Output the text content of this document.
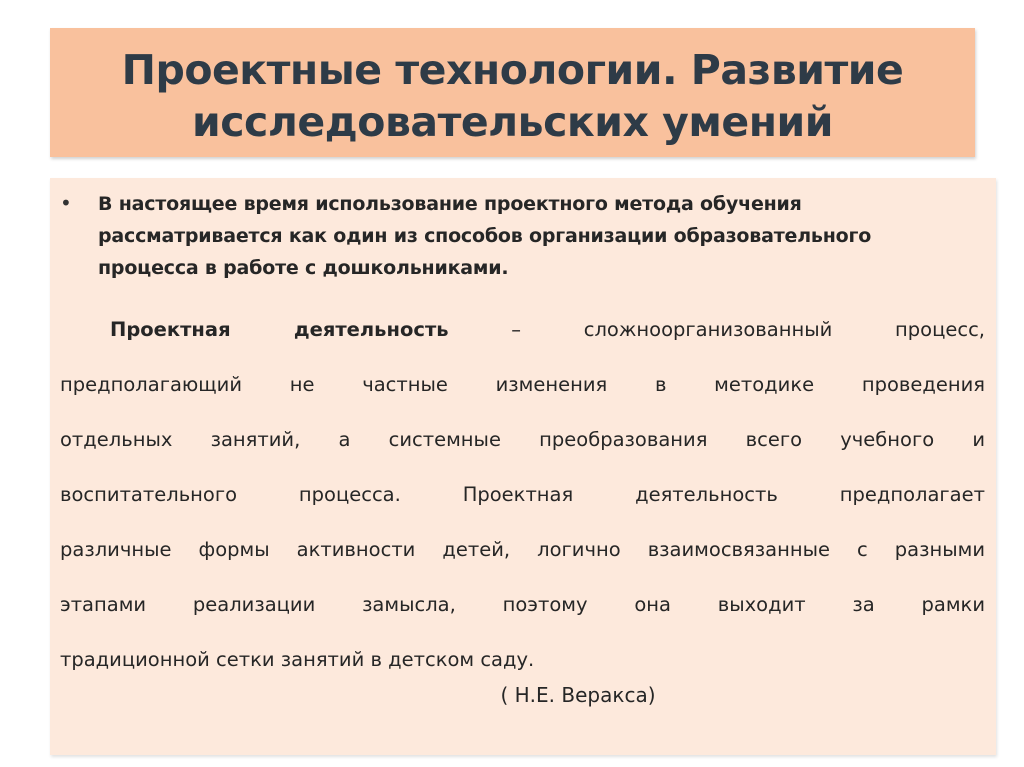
Проектные технологии. Развитие
исследовательских умений
• В настоящее время использование проектного метода обучения
рассматривается как один из способов организации образовательного
процесса в работе с дошкольниками.
Проектная деятельность – сложноорганизованный процесс,
предполагающий не частные изменения в методике проведения
отдельных занятий, а системные преобразования всего учебного и
воспитательного процесса. Проектная деятельность предполагает
различные формы активности детей, логично взаимосвязанные с разными
этапами реализации замысла, поэтому она выходит за рамки
традиционной сетки занятий в детском саду.
( Н.Е. Веракса)
